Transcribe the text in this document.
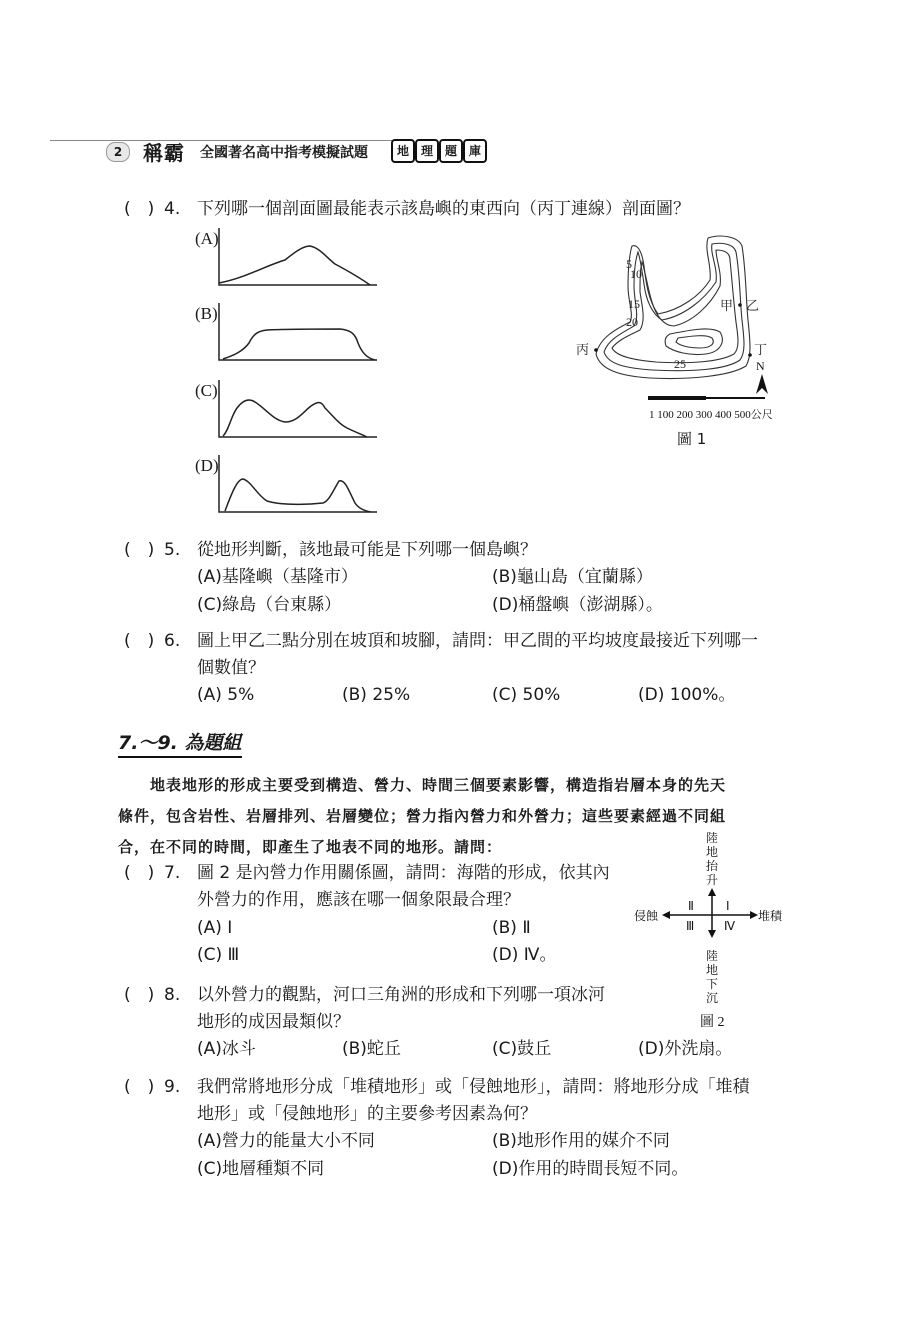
2	稱霸 全國著名高中指考模擬試題	地 理 題 庫
(　) 4. 下列哪一個剖面圖最能表示該島嶼的東西向（丙丁連線）剖面圖？
(A)
(B)
(C)
(D)
5
10
15
20
25
甲 乙
丙	丁
N
1 100 200 300 400 500公尺
圖 1
(　) 5. 從地形判斷，該地最可能是下列哪一個島嶼？
(A)基隆嶼（基隆市）	(B)龜山島（宜蘭縣）
(C)綠島（台東縣）	(D)桶盤嶼（澎湖縣）。
(　) 6. 圖上甲乙二點分別在坡頂和坡腳，請問：甲乙間的平均坡度最接近下列哪一
個數值？
(A) 5%	(B) 25%	(C) 50%	(D) 100%。
7.～9. 為題組
地表地形的形成主要受到構造、營力、時間三個要素影響，構造指岩層本身的先天
條件，包含岩性、岩層排列、岩層變位；營力指內營力和外營力；這些要素經過不同組
合，在不同的時間，即產生了地表不同的地形。請問：
(　) 7. 圖 2 是內營力作用關係圖，請問：海階的形成，依其內
外營力的作用，應該在哪一個象限最合理？
(A) Ⅰ	(B) Ⅱ
(C) Ⅲ	(D) Ⅳ。
(　) 8. 以外營力的觀點，河口三角洲的形成和下列哪一項冰河
地形的成因最類似？
(A)冰斗	(B)蛇丘	(C)鼓丘	(D)外洗扇。
陸
地
抬
升
陸
地
下
沉
侵蝕	堆積
Ⅰ
Ⅱ
Ⅲ Ⅳ
圖 2
(　) 9. 我們常將地形分成「堆積地形」或「侵蝕地形」，請問：將地形分成「堆積
地形」或「侵蝕地形」的主要參考因素為何？
(A)營力的能量大小不同	(B)地形作用的媒介不同
(C)地層種類不同	(D)作用的時間長短不同。
